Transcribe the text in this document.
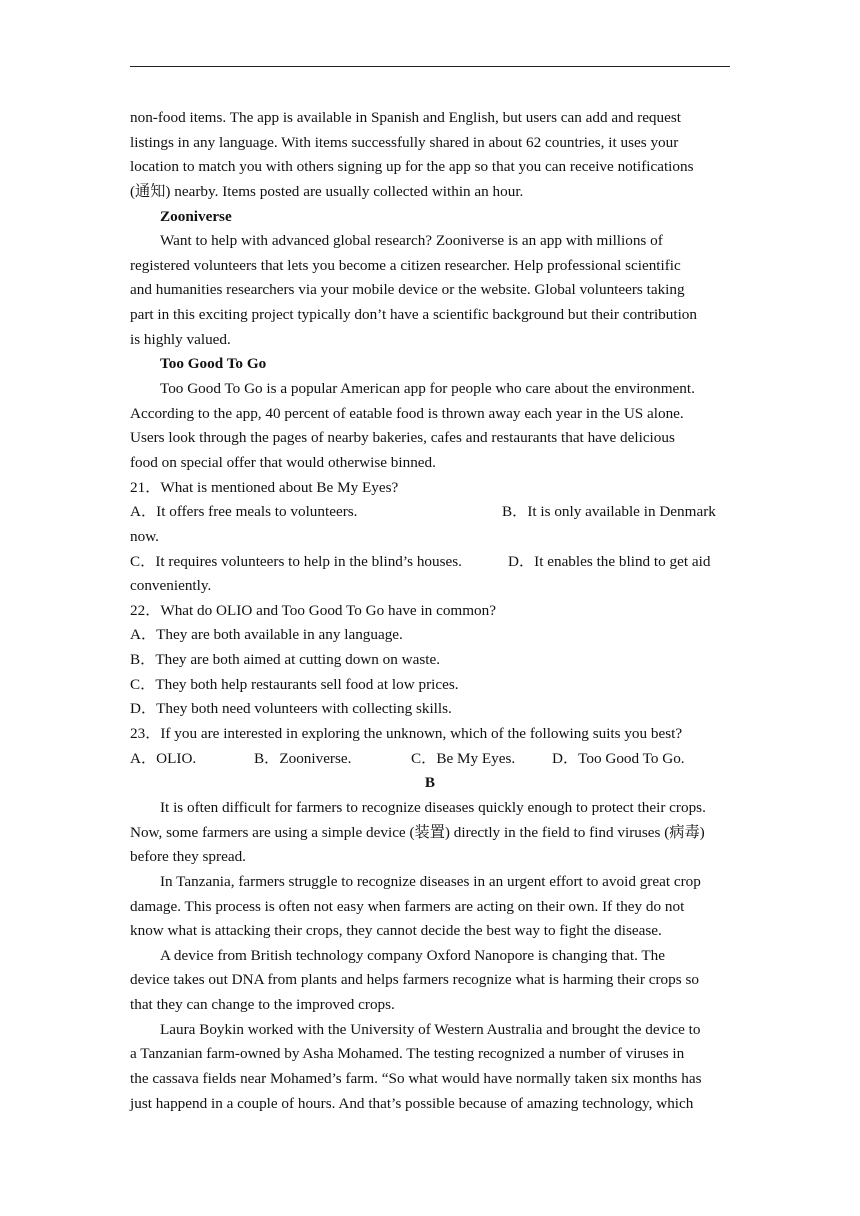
non-food items. The app is available in Spanish and English, but users can add and request
listings in any language. With items successfully shared in about 62 countries, it uses your
location to match you with others signing up for the app so that you can receive notifications
(通知) nearby. Items posted are usually collected within an hour.
Zooniverse
Want to help with advanced global research? Zooniverse is an app with millions of
registered volunteers that lets you become a citizen researcher. Help professional scientific
and humanities researchers via your mobile device or the website. Global volunteers taking
part in this exciting project typically don’t have a scientific background but their contribution
is highly valued.
Too Good To Go
Too Good To Go is a popular American app for people who care about the environment.
According to the app, 40 percent of eatable food is thrown away each year in the US alone.
Users look through the pages of nearby bakeries, cafes and restaurants that have delicious
food on special offer that would otherwise binned.
21．What is mentioned about Be My Eyes?
A．It offers free meals to volunteers.	B．It is only available in Denmark
now.
C．It requires volunteers to help in the blind’s houses.	D．It enables the blind to get aid
conveniently.
22．What do OLIO and Too Good To Go have in common?
A．They are both available in any language.
B．They are both aimed at cutting down on waste.
C．They both help restaurants sell food at low prices.
D．They both need volunteers with collecting skills.
23．If you are interested in exploring the unknown, which of the following suits you best?
A．OLIO.	B．Zooniverse.	C．Be My Eyes. D．Too Good To Go.
B
It is often difficult for farmers to recognize diseases quickly enough to protect their crops.
Now, some farmers are using a simple device (装置) directly in the field to find viruses (病毒)
before they spread.
In Tanzania, farmers struggle to recognize diseases in an urgent effort to avoid great crop
damage. This process is often not easy when farmers are acting on their own. If they do not
know what is attacking their crops, they cannot decide the best way to fight the disease.
A device from British technology company Oxford Nanopore is changing that. The
device takes out DNA from plants and helps farmers recognize what is harming their crops so
that they can change to the improved crops.
Laura Boykin worked with the University of Western Australia and brought the device to
a Tanzanian farm-owned by Asha Mohamed. The testing recognized a number of viruses in
the cassava fields near Mohamed’s farm. “So what would have normally taken six months has
just happend in a couple of hours. And that’s possible because of amazing technology, which
